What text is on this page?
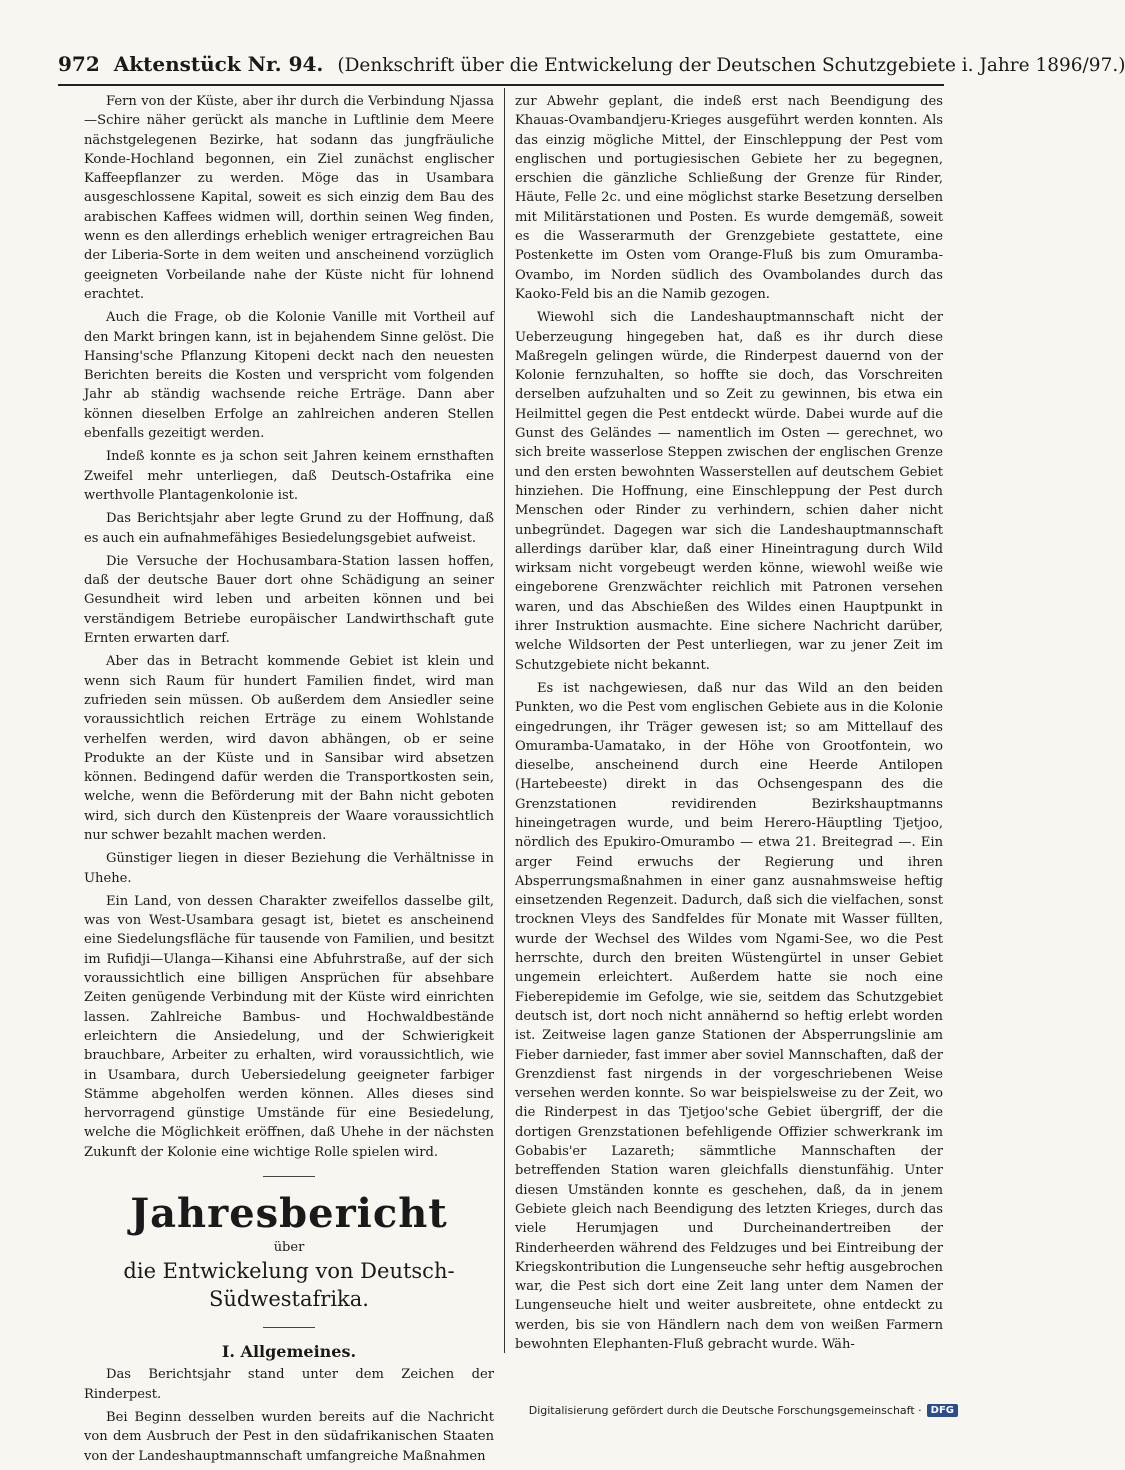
972 Aktenstück Nr. 94. (Denkschrift über die Entwickelung der Deutschen Schutzgebiete i. Jahre 1896/97.)

Fern von der Küste, aber ihr durch die Verbindung Njassa—Schire näher gerückt als manche in Luftlinie dem Meere nächstgelegenen Bezirke, hat sodann das jungfräuliche Konde-Hochland begonnen, ein Ziel zunächst englischer Kaffeepflanzer zu werden. Möge das in Usambara ausgeschlossene Kapital, soweit es sich einzig dem Bau des arabischen Kaffees widmen will, dorthin seinen Weg finden, wenn es den allerdings erheblich weniger ertragreichen Bau der Liberia-Sorte in dem weiten und anscheinend vorzüglich geeigneten Vorbeilande nahe der Küste nicht für lohnend erachtet.

Auch die Frage, ob die Kolonie Vanille mit Vortheil auf den Markt bringen kann, ist in bejahendem Sinne gelöst. Die Hansing'sche Pflanzung Kitopeni deckt nach den neuesten Berichten bereits die Kosten und verspricht vom folgenden Jahr ab ständig wachsende reiche Erträge. Dann aber können dieselben Erfolge an zahlreichen anderen Stellen ebenfalls gezeitigt werden.

Indeß konnte es ja schon seit Jahren keinem ernsthaften Zweifel mehr unterliegen, daß Deutsch-Ostafrika eine werthvolle Plantagenkolonie ist.

Das Berichtsjahr aber legte Grund zu der Hoffnung, daß es auch ein aufnahmefähiges Besiedelungsgebiet aufweist.

Die Versuche der Hochusambara-Station lassen hoffen, daß der deutsche Bauer dort ohne Schädigung an seiner Gesundheit wird leben und arbeiten können und bei verständigem Betriebe europäischer Landwirthschaft gute Ernten erwarten darf.

Aber das in Betracht kommende Gebiet ist klein und wenn sich Raum für hundert Familien findet, wird man zufrieden sein müssen. Ob außerdem dem Ansiedler seine voraussichtlich reichen Erträge zu einem Wohlstande verhelfen werden, wird davon abhängen, ob er seine Produkte an der Küste und in Sansibar wird absetzen können. Bedingend dafür werden die Transportkosten sein, welche, wenn die Beförderung mit der Bahn nicht geboten wird, sich durch den Küstenpreis der Waare voraussichtlich nur schwer bezahlt machen werden.

Günstiger liegen in dieser Beziehung die Verhältnisse in Uhehe.

Ein Land, von dessen Charakter zweifellos dasselbe gilt, was von West-Usambara gesagt ist, bietet es anscheinend eine Siedelungsfläche für tausende von Familien, und besitzt im Rufidji—Ulanga—Kihansi eine Abfuhrstraße, auf der sich voraussichtlich eine billigen Ansprüchen für absehbare Zeiten genügende Verbindung mit der Küste wird einrichten lassen. Zahlreiche Bambus- und Hochwaldbestände erleichtern die Ansiedelung, und der Schwierigkeit brauchbare, Arbeiter zu erhalten, wird voraussichtlich, wie in Usambara, durch Uebersiedelung geeigneter farbiger Stämme abgeholfen werden können. Alles dieses sind hervorragend günstige Umstände für eine Besiedelung, welche die Möglichkeit eröffnen, daß Uhehe in der nächsten Zukunft der Kolonie eine wichtige Rolle spielen wird.

Jahresbericht
über
die Entwickelung von Deutsch-Südwestafrika.
I. Allgemeines.

Das Berichtsjahr stand unter dem Zeichen der Rinderpest.

Bei Beginn desselben wurden bereits auf die Nachricht von dem Ausbruch der Pest in den südafrikanischen Staaten von der Landeshauptmannschaft umfangreiche Maßnahmen

zur Abwehr geplant, die indeß erst nach Beendigung des Khauas-Ovambandjeru-Krieges ausgeführt werden konnten. Als das einzig mögliche Mittel, der Einschleppung der Pest vom englischen und portugiesischen Gebiete her zu begegnen, erschien die gänzliche Schließung der Grenze für Rinder, Häute, Felle 2c. und eine möglichst starke Besetzung derselben mit Militärstationen und Posten. Es wurde demgemäß, soweit es die Wasserarmuth der Grenzgebiete gestattete, eine Postenkette im Osten vom Orange-Fluß bis zum Omuramba-Ovambo, im Norden südlich des Ovambolandes durch das Kaoko-Feld bis an die Namib gezogen.

Wiewohl sich die Landeshauptmannschaft nicht der Ueberzeugung hingegeben hat, daß es ihr durch diese Maßregeln gelingen würde, die Rinderpest dauernd von der Kolonie fernzuhalten, so hoffte sie doch, das Vorschreiten derselben aufzuhalten und so Zeit zu gewinnen, bis etwa ein Heilmittel gegen die Pest entdeckt würde. Dabei wurde auf die Gunst des Geländes — namentlich im Osten — gerechnet, wo sich breite wasserlose Steppen zwischen der englischen Grenze und den ersten bewohnten Wasserstellen auf deutschem Gebiet hinziehen. Die Hoffnung, eine Einschleppung der Pest durch Menschen oder Rinder zu verhindern, schien daher nicht unbegründet. Dagegen war sich die Landeshauptmannschaft allerdings darüber klar, daß einer Hineintragung durch Wild wirksam nicht vorgebeugt werden könne, wiewohl weiße wie eingeborene Grenzwächter reichlich mit Patronen versehen waren, und das Abschießen des Wildes einen Hauptpunkt in ihrer Instruktion ausmachte. Eine sichere Nachricht darüber, welche Wildsorten der Pest unterliegen, war zu jener Zeit im Schutzgebiete nicht bekannt.

Es ist nachgewiesen, daß nur das Wild an den beiden Punkten, wo die Pest vom englischen Gebiete aus in die Kolonie eingedrungen, ihr Träger gewesen ist; so am Mittellauf des Omuramba-Uamatako, in der Höhe von Grootfontein, wo dieselbe, anscheinend durch eine Heerde Antilopen (Hartebeeste) direkt in das Ochsengespann des die Grenzstationen revidirenden Bezirkshauptmanns hineingetragen wurde, und beim Herero-Häuptling Tjetjoo, nördlich des Epukiro-Omurambo — etwa 21. Breitegrad —. Ein arger Feind erwuchs der Regierung und ihren Absperrungsmaßnahmen in einer ganz ausnahmsweise heftig einsetzenden Regenzeit. Dadurch, daß sich die vielfachen, sonst trocknen Vleys des Sandfeldes für Monate mit Wasser füllten, wurde der Wechsel des Wildes vom Ngami-See, wo die Pest herrschte, durch den breiten Wüstengürtel in unser Gebiet ungemein erleichtert. Außerdem hatte sie noch eine Fieberepidemie im Gefolge, wie sie, seitdem das Schutzgebiet deutsch ist, dort noch nicht annähernd so heftig erlebt worden ist. Zeitweise lagen ganze Stationen der Absperrungslinie am Fieber darnieder, fast immer aber soviel Mannschaften, daß der Grenzdienst fast nirgends in der vorgeschriebenen Weise versehen werden konnte. So war beispielsweise zu der Zeit, wo die Rinderpest in das Tjetjoo'sche Gebiet übergriff, der die dortigen Grenzstationen befehligende Offizier schwerkrank im Gobabis'er Lazareth; sämmtliche Mannschaften der betreffenden Station waren gleichfalls dienstunfähig. Unter diesen Umständen konnte es geschehen, daß, da in jenem Gebiete gleich nach Beendigung des letzten Krieges, durch das viele Herumjagen und Durcheinandertreiben der Rinderheerden während des Feldzuges und bei Eintreibung der Kriegskontribution die Lungenseuche sehr heftig ausgebrochen war, die Pest sich dort eine Zeit lang unter dem Namen der Lungenseuche hielt und weiter ausbreitete, ohne entdeckt zu werden, bis sie von Händlern nach dem von weißen Farmern bewohnten Elephanten-Fluß gebracht wurde. Wäh-

Digitalisierung gefördert durch die Deutsche Forschungsgemeinschaft · DFG
